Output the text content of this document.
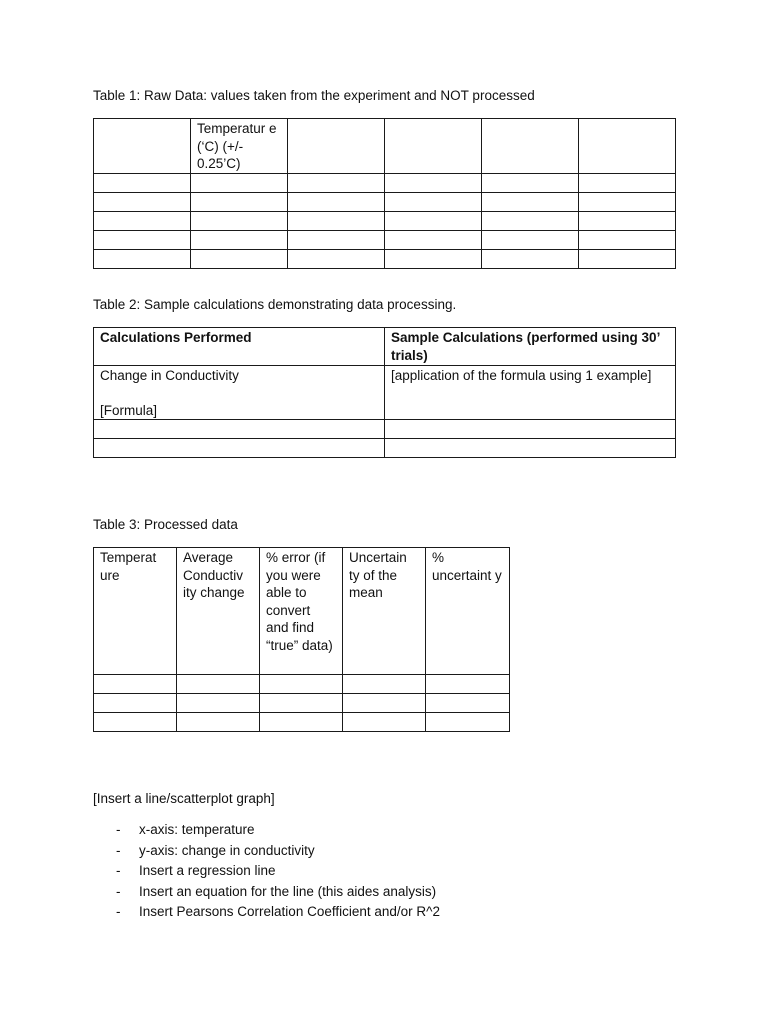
Table 1: Raw Data: values taken from the experiment and NOT processed

	Temperatur e (‘C) (+/- 0.25’C)				

Table 2: Sample calculations demonstrating data processing.

Calculations Performed	Sample Calculations (performed using 30’ trials)
Change in Conductivity
[Formula]	[application of the formula using 1 example]

Table 3: Processed data

Temperat ure	Average Conductiv ity change	% error (if you were able to convert and find “true” data)	Uncertain ty of the mean	% uncertaint y

[Insert a line/scatterplot graph]

- x-axis: temperature
- y-axis: change in conductivity
- Insert a regression line
- Insert an equation for the line (this aides analysis)
- Insert Pearsons Correlation Coefficient and/or R^2
